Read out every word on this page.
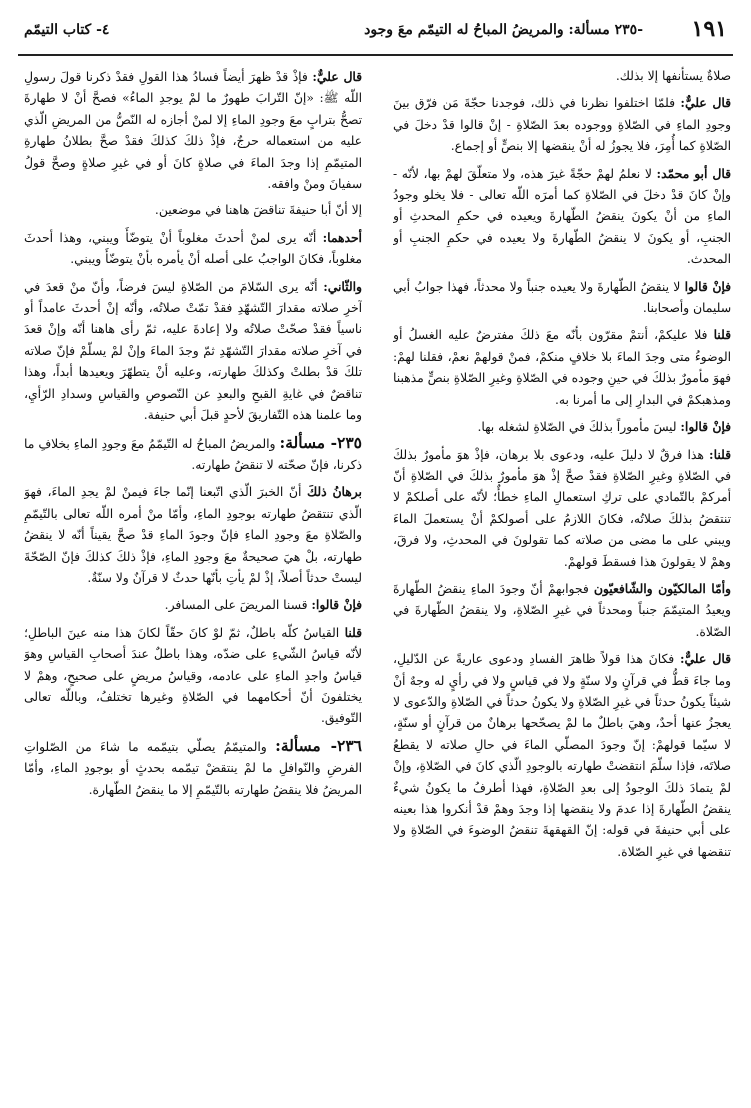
١٩١
-٢٣٥ مسألة: والمريضُ المباحُ له التيمّم معَ وجود
٤- كتاب التيمّم

صلاةٌ يستأنفها إلا بذلك.

قال عليٌّ: فلمّا اختلفوا نظرنا في ذلك، فوجدنا حجّةَ مَن فرّق بينَ وجودِ الماءِ في الصّلاةِ ووجوده بعدَ الصّلاةِ - إنْ قالوا قدْ دخلَ في الصّلاةِ كما أُمِرَ، فلا يجوزُ له أنْ ينقضها إلا بنصٍّ أو إجماع.

قال أبو محمّد: لا نعلمُ لهمْ حجّةً غيرَ هذه، ولا متعلّقَ لهمْ بها، لأنّه - وإنْ كانَ قدْ دخلَ في الصّلاةِ كما أمرَه اللّه تعالى - فلا يخلو وجودُ الماءِ من أنْ يكونَ ينقضُ الطّهارةَ ويعيده في حكمِ المحدثِ أو الجنبِ، أو يكونَ لا ينقضُ الطّهارةَ ولا يعيده في حكمِ الجنبِ أو المحدث.

فإنْ قالوا لا ينقضُ الطّهارةَ ولا يعيده جنباً ولا محدثاً، فهذا جوابُ أبي سليمان وأصحابنا.

قلنا فلا عليكمْ، أنتمْ مقرّون بأنّه معَ ذلكَ مفترضٌ عليه الغسلُ أو الوضوءُ متى وجدَ الماءَ بلا خلافٍ منكمْ، فمنْ قولهمْ نعمْ، فقلنا لهمْ: فهوَ مأمورٌ بذلكَ في حينِ وجوده في الصّلاةِ وغيرِ الصّلاةِ بنصٍّ مذهبنا ومذهبكمْ في البدارِ إلى ما أمرنا به.

فإنْ قالوا: ليسَ مأموراً بذلكَ في الصّلاةِ لشغله بها.

قلنا: هذا فرقٌ لا دليلَ عليه، ودعوى بلا برهان، فإذْ هوَ مأمورٌ بذلكَ في الصّلاةِ وغيرِ الصّلاةِ فقدْ صحَّ إذْ هوَ مأمورٌ بذلكَ في الصّلاةِ أنّ أمركمْ بالتّمادي على تركِ استعمالِ الماءِ خطأٌ؛ لأنّه على أصلكمْ لا تنتقضُ بذلكَ صلاتُه، فكانَ اللازمُ على أصولكمْ أنْ يستعملَ الماءَ ويبني على ما مضى من صلاته كما تقولونَ في المحدثِ، ولا فرقَ، وهمْ لا يقولونَ هذا فسقطَ قولهمْ.

وأمّا المالكيّون والشّافعيّون فجوابهمْ أنّ وجودَ الماءِ ينقضُ الطّهارةَ ويعيدُ المتيمّمَ جنباً ومحدثاً في غيرِ الصّلاةِ، ولا ينقضُ الطّهارةَ في الصّلاة.

قال عليٌّ: فكانَ هذا قولاً ظاهرَ الفسادِ ودعوى عاريةً عن الدّليلِ، وما جاءَ قطُّ في قرآنٍ ولا سنّةٍ ولا في قياسٍ ولا في رأيٍ له وجهٌ أنْ شيئاً يكونُ حدثاً في غيرِ الصّلاةِ ولا يكونُ حدثاً في الصّلاةِ والدّعوى لا يعجزُ عنها أحدٌ، وهيَ باطلٌ ما لمْ يصحّحها برهانٌ من قرآنٍ أو سنّةٍ، لا سيّما قولهمْ: إنّ وجودَ المصلّي الماءَ في حالِ صلاته لا يقطعُ صلاتَه، فإذا سلّمَ انتقضتْ طهارته بالوجودِ الّذي كانَ في الصّلاةِ، وإنْ لمْ يتمادَ ذلكَ الوجودُ إلى بعدِ الصّلاةِ، فهذا أطرفُ ما يكونُ شيءٌ ينقضُ الطّهارةَ إذا عدمَ ولا ينقضها إذا وجدَ وهمْ قدْ أنكروا هذا بعينه على أبي حنيفةَ في قوله: إنّ القهقهةَ تنقضُ الوضوءَ في الصّلاةِ ولا تنقضها في غيرِ الصّلاة.

قال عليٌّ: فإذْ قدْ ظهرَ أيضاً فسادُ هذا القولِ فقدْ ذكرنا قولَ رسولِ اللّه ﷺ: «إنّ التّرابَ طهورٌ ما لمْ يوجدِ الماءُ» فصحَّ أنْ لا طهارةَ تصحُّ بترابٍ معَ وجودِ الماءِ إلا لمنْ أجازه له النّصُّ من المريضِ الّذي عليه من استعماله حرجٌ، فإذْ ذلكَ كذلكَ فقدْ صحَّ بطلانُ طهارةِ المتيمّمِ إذا وجدَ الماءَ في صلاةٍ كانَ أو في غيرِ صلاةٍ وصحَّ قولُ سفيانَ ومنْ وافقه.

إلا أنّ أبا حنيفةَ تناقضَ هاهنا في موضعين.

أحدهما: أنّه يرى لمنْ أحدثَ مغلوباً أنْ يتوضّأَ ويبني، وهذا أحدثَ مغلوباً، فكانَ الواجبُ على أصله أنْ يأمره بأنْ يتوضّأَ ويبني.

والثّاني: أنّه يرى السّلامَ من الصّلاةِ ليسَ فرضاً، وأنّ منْ قعدَ في آخرِ صلاته مقدارَ التّشهّدِ فقدْ تمّتْ صلاتُه، وأنّه إنْ أحدثَ عامداً أو ناسياً فقدْ صحّتْ صلاتُه ولا إعادةَ عليه، ثمّ رأى هاهنا أنّه وإنْ قعدَ في آخرِ صلاته مقدارَ التّشهّدِ ثمّ وجدَ الماءَ وإنْ لمْ يسلّمْ فإنّ صلاته تلكَ قدْ بطلتْ وكذلكَ طهارته، وعليه أنْ يتطهّرَ ويعيدها أبداً، وهذا تناقضٌ في غايةِ القبحِ والبعدِ عن النّصوصِ والقياسِ وسدادِ الرّأيِ، وما علمنا هذه التّفاريقَ لأحدٍ قبلَ أبي حنيفة.

٢٣٥- مسألة: والمريضُ المباحُ له التّيمّمُ معَ وجودِ الماءِ بخلافِ ما ذكرنا، فإنّ صحّته لا تنقضُ طهارته.

برهانُ ذلكَ أنّ الخبرَ الّذي اتّبعنا إنّما جاءَ فيمنْ لمْ يجدِ الماءَ، فهوَ الّذي تنتقضُ طهارته بوجودِ الماءِ، وأمّا منْ أمره اللّه تعالى بالتّيمّمِ والصّلاةِ معَ وجودِ الماءِ فإنّ وجودَ الماءِ قدْ صحَّ يقيناً أنّه لا ينقضُ طهارته، بلْ هيَ صحيحةٌ معَ وجودِ الماءِ، فإذْ ذلكَ كذلكَ فإنّ الصّحّةَ ليستْ حدثاً أصلاً، إذْ لمْ يأتِ بأنّها حدثٌ لا قرآنٌ ولا سنّةٌ.

فإنْ قالوا: قسنا المريضَ على المسافر.

قلنا القياسُ كلّه باطلٌ، ثمّ لوْ كانَ حقّاً لكانَ هذا منه عينَ الباطلِ؛ لأنّه قياسُ الشّيءِ على ضدّه، وهذا باطلٌ عندَ أصحابِ القياسِ وهوَ قياسُ واجدِ الماءِ على عادمه، وقياسُ مريضٍ على صحيحٍ، وهمْ لا يختلفونَ أنّ أحكامهما في الصّلاةِ وغيرها تختلفُ، وباللّه تعالى التّوفيق.

٢٣٦- مسألة: والمتيمّمُ يصلّي بتيمّمه ما شاءَ من الصّلواتِ الفرضِ والنّوافلِ ما لمْ ينتقضْ تيمّمه بحدثٍ أو بوجودِ الماءِ، وأمّا المريضُ فلا ينقضُ طهارته بالتّيمّمِ إلا ما ينقضُ الطّهارة.
